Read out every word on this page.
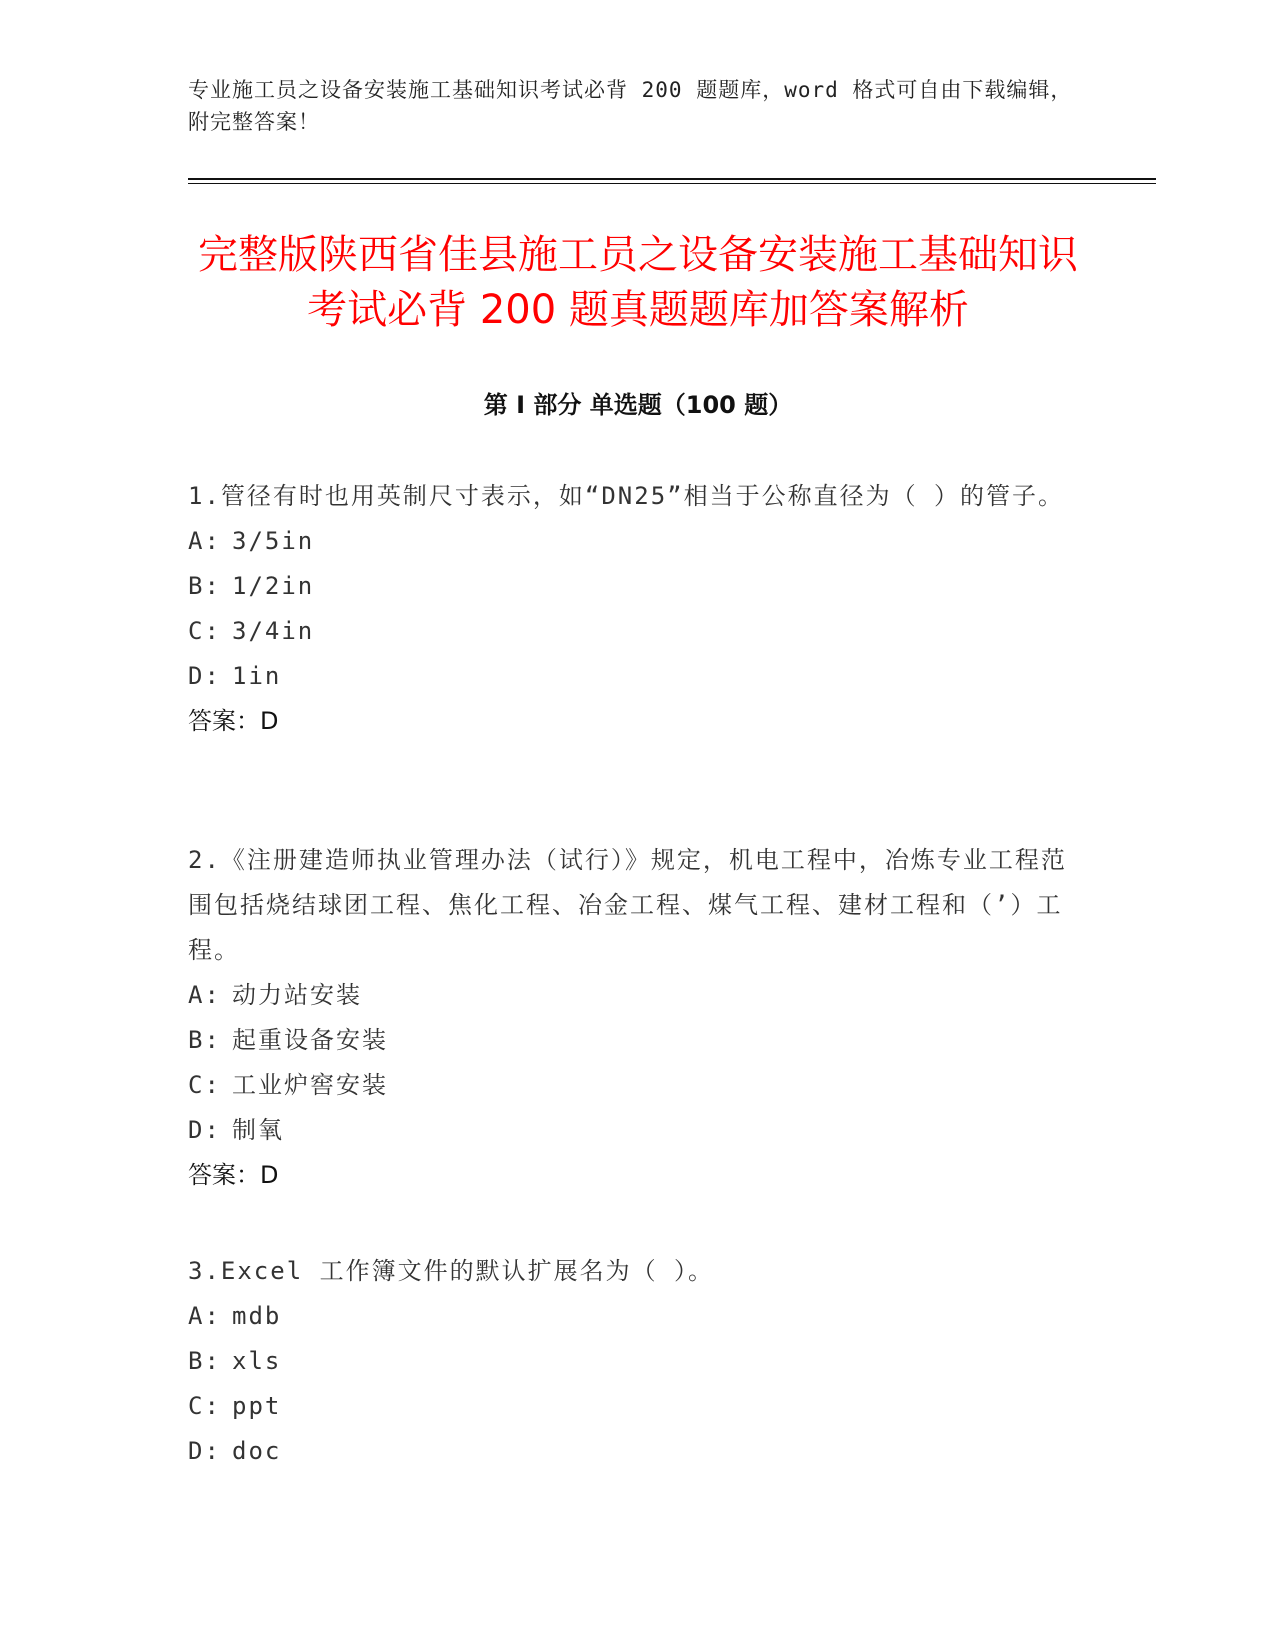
专业施工员之设备安装施工基础知识考试必背 200 题题库，word 格式可自由下载编辑，附完整答案！
完整版陕西省佳县施工员之设备安装施工基础知识考试必背 200 题真题题库加答案解析
第 I 部分 单选题（100 题）

1.管径有时也用英制尺寸表示，如“DN25”相当于公称直径为（ ）的管子。

A: 3/5in

B: 1/2in

C: 3/4in

D: 1in

答案：D

2.《注册建造师执业管理办法（试行）》规定，机电工程中，冶炼专业工程范围包括烧结球团工程、焦化工程、冶金工程、煤气工程、建材工程和（’）工程。

A: 动力站安装

B: 起重设备安装

C: 工业炉窖安装

D: 制氧

答案：D

3.Excel 工作簿文件的默认扩展名为（ ）。

A: mdb

B: xls

C: ppt

D: doc
